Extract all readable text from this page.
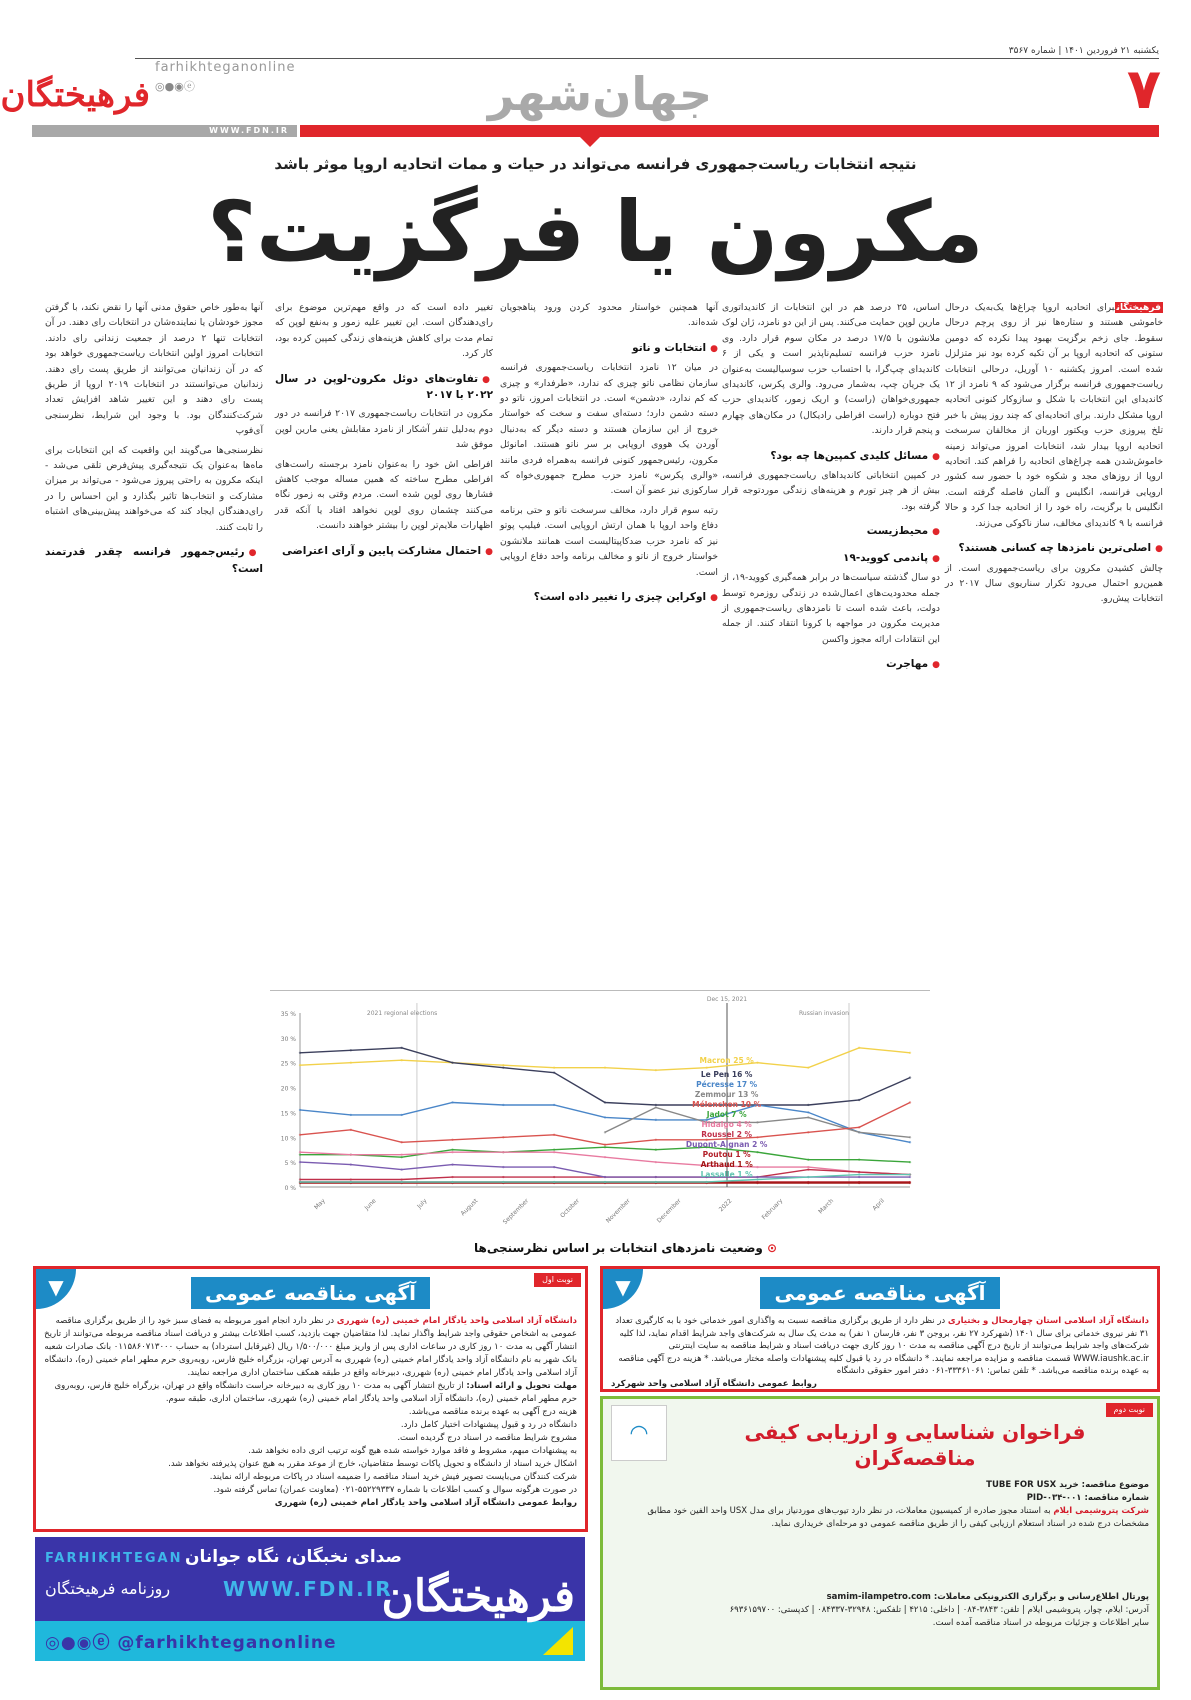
یکشنبه ۲۱ فروردین ۱۴۰۱ | شماره ۳۵۶۷
۷
جهان‌شهر
فرهیختگان
farhikhteganonline
◎●◉ⓔ
WWW.FDN.IR
نتیجه انتخابات ریاست‌جمهوری فرانسه می‌تواند در حیات و ممات اتحادیه اروپا موثر باشد
مکرون یا فرگزیت؟

فرهیختگانبرای اتحادیه اروپا چراغ‌ها یک‌به‌یک درحال خاموشی هستند و ستاره‌ها نیز از روی پرچم درحال سقوط. جای زخم برگزیت بهبود پیدا نکرده که دومین ستونی که اتحادیه اروپا بر آن تکیه کرده بود نیز متزلزل شده است. امروز یکشنبه ۱۰ آوریل، درحالی انتخابات ریاست‌جمهوری فرانسه برگزار می‌شود که ۹ نامزد از ۱۲ کاندیدای این انتخابات با شکل و سازوکار کنونی اتحادیه اروپا مشکل دارند. برای اتحادیه‌ای که چند روز پیش با خبر تلخ پیروزی حزب ویکتور اوربان از مخالفان سرسخت اتحادیه اروپا بیدار شد، انتخابات امروز می‌تواند زمینه خاموش‌شدن همه چراغ‌های اتحادیه را فراهم کند. اتحادیه اروپا از روزهای مجد و شکوه خود با حضور سه کشور اروپایی فرانسه، انگلیس و آلمان فاصله گرفته است. انگلیس با برگزیت، راه خود را از اتحادیه جدا کرد و حالا فرانسه با ۹ کاندیدای مخالف، ساز ناکوکی می‌زند.

● اصلی‌ترین نامزدها چه کسانی هستند؟

چالش کشیدن مکرون برای ریاست‌جمهوری است. از همین‌رو احتمال می‌رود تکرار سناریوی سال ۲۰۱۷ در انتخابات پیش‌رو.

اساس، ۲۵ درصد هم در این انتخابات از کاندیداتوری مارین لوپن حمایت می‌کنند. پس از این دو نامزد، ژان لوک ملانشون با ۱۷/۵ درصد در مکان سوم قرار دارد. وی نامزد حزب فرانسه تسلیم‌ناپذیر است و یکی از ۶ کاندیدای چپ‌گرا، با احتساب حزب سوسیالیست به‌عنوان یک جریان چپ، به‌شمار می‌رود. والری پکرس، کاندیدای جمهوری‌خواهان (راست) و اریک زمور، کاندیدای حزب فتح دوباره (راست افراطی رادیکال) در مکان‌های چهارم و پنجم قرار دارند.

● مسائل کلیدی کمپین‌ها چه بود؟

در کمپین انتخاباتی کاندیداهای ریاست‌جمهوری فرانسه، بیش از هر چیز تورم و هزینه‌های زندگی موردتوجه قرار گرفته بود.

● محیط‌زیست
● پاندمی کووید-۱۹

دو سال گذشته سیاست‌ها در برابر همه‌گیری کووید-۱۹، از جمله محدودیت‌های اعمال‌شده در زندگی روزمره توسط دولت، باعث شده است تا نامزدهای ریاست‌جمهوری از مدیریت مکرون در مواجهه با کرونا انتقاد کنند. از جمله این انتقادات ارائه مجوز واکسن

● مهاجرت

آنها همچنین خواستار محدود کردن ورود پناهجویان شده‌اند.

● انتخابات و ناتو

در میان ۱۲ نامزد انتخابات ریاست‌جمهوری فرانسه سازمان نظامی ناتو چیزی که ندارد، «طرفدار» و چیزی که کم ندارد، «دشمن» است. در انتخابات امروز، ناتو دو دسته دشمن دارد؛ دسته‌ای سفت و سخت که خواستار خروج از این سازمان هستند و دسته دیگر که به‌دنبال آوردن یک هووی اروپایی بر سر ناتو هستند. امانوئل مکرون، رئیس‌جمهور کنونی فرانسه به‌همراه فردی مانند «والری پکرس» نامزد حزب مطرح جمهوری‌خواه که سارکوزی نیز عضو آن است.

رتبه سوم قرار دارد، مخالف سرسخت ناتو و حتی برنامه دفاع واحد اروپا با همان ارتش اروپایی است. فیلیپ پوتو نیز که نامزد حزب ضدکاپیتالیست است همانند ملانشون خواستار خروج از ناتو و مخالف برنامه واحد دفاع اروپایی است.

● اوکراین چیزی را تغییر داده است؟

تغییر داده است که در واقع مهم‌ترین موضوع برای رای‌دهندگان است. این تغییر علیه زمور و به‌نفع لوپن که تمام مدت برای کاهش هزینه‌های زندگی کمپین کرده بود، کار کرد.

● تفاوت‌های دوئل مکرون-لوپن در سال ۲۰۲۲ با ۲۰۱۷

مکرون در انتخابات ریاست‌جمهوری ۲۰۱۷ فرانسه در دور دوم به‌دلیل تنفر آشکار از نامزد مقابلش یعنی مارین لوپن موفق شد

افراطی اش خود را به‌عنوان نامزد برجسته راست‌های افراطی مطرح ساخته که همین مساله موجب کاهش فشارها روی لوپن شده است. مردم وقتی به زمور نگاه می‌کنند چشمان روی لوپن نخواهد افتاد یا آنکه قدر اظهارات ملایم‌تر لوپن را بیشتر خواهند دانست.

● احتمال مشارکت پایین و آرای اعتراضی

آنها به‌طور خاص حقوق مدنی آنها را نقض نکند، با گرفتن مجوز خودشان یا نماینده‌شان در انتخابات رای دهند. در آن انتخابات تنها ۲ درصد از جمعیت زندانی رای دادند. انتخابات امروز اولین انتخابات ریاست‌جمهوری خواهد بود که در آن زندانیان می‌توانند از طریق پست رای دهند. زندانیان می‌توانستند در انتخابات ۲۰۱۹ اروپا از طریق پست رای دهند و این تغییر شاهد افزایش تعداد شرکت‌کنندگان بود. با وجود این شرایط، نظرسنجی آی‌فوپ

نظرسنجی‌ها می‌گویند این واقعیت که این انتخابات برای ماه‌ها به‌عنوان یک نتیجه‌گیری پیش‌فرض تلقی می‌شد - اینکه مکرون به راحتی پیروز می‌شود - می‌تواند بر میزان مشارکت و انتخاب‌ها تاثیر بگذارد و این احساس را در رای‌دهندگان ایجاد کند که می‌خواهند پیش‌بینی‌های اشتباه را ثابت کنند.

● رئیس‌جمهور فرانسه چقدر قدرتمند است؟
0 %
5 %
10 %
15 %
20 %
25 %
30 %
35 %
May	June	July	August	September	October	November	December	2022	February	March	April
2021 regional elections
Dec 15, 2021
Russian invasion
Macron 25 %
Le Pen 16 %
Pécresse 17 %
Zemmour 13 %
Mélenchon 10 %
Jadot 7 %
Hidalgo 4 %
Roussel 2 %
Dupont-Aignan 2 %
Poutou 1 %
Arthaud 1 %
Lassalle 1 %
⊙ وضعیت نامزدهای انتخابات بر اساس نظرسنجی‌ها
▼	نوبت اول
آگهی مناقصه عمومی
دانشگاه آزاد اسلامی واحد یادگار امام خمینی (ره) شهرری در نظر دارد انجام امور مربوطه به فضای سبز خود را از طریق برگزاری مناقصه عمومی به اشخاص حقوقی واجد شرایط واگذار نماید. لذا متقاضیان جهت بازدید، کسب اطلاعات بیشتر و دریافت اسناد مناقصه مربوطه می‌توانند از تاریخ انتشار آگهی به مدت ۱۰ روز کاری در ساعات اداری پس از واریز مبلغ ۱/۵۰۰/۰۰۰ ریال (غیرقابل استرداد) به حساب ۰۱۱۵۸۶۰۷۱۳۰۰۰ بانک صادرات شعبه بانک شهر به نام دانشگاه آزاد واحد یادگار امام خمینی (ره) شهرری به آدرس تهران، بزرگراه خلیج فارس، روبه‌روی حرم مطهر امام خمینی (ره)، دانشگاه آزاد اسلامی واحد یادگار امام خمینی (ره) شهرری، دبیرخانه واقع در طبقه همکف ساختمان اداری مراجعه نمایند.
مهلت تحویل و ارائه اسناد: از تاریخ انتشار آگهی به مدت ۱۰ روز کاری به دبیرخانه حراست دانشگاه واقع در تهران، بزرگراه خلیج فارس، روبه‌روی حرم مطهر امام خمینی (ره)، دانشگاه آزاد اسلامی واحد یادگار امام خمینی (ره) شهرری، ساختمان اداری، طبقه سوم.
هزینه درج آگهی به عهده برنده مناقصه می‌باشد.
دانشگاه در رد و قبول پیشنهادات اختیار کامل دارد.
مشروح شرایط مناقصه در اسناد درج گردیده است.
به پیشنهادات مبهم، مشروط و فاقد موارد خواسته شده هیچ گونه ترتیب اثری داده نخواهد شد.
اشکال خرید اسناد از دانشگاه و تحویل پاکات توسط متقاضیان، خارج از موعد مقرر به هیچ عنوان پذیرفته نخواهد شد.
شرکت کنندگان می‌بایست تصویر فیش خرید اسناد مناقصه را ضمیمه اسناد در پاکات مربوطه ارائه نمایند.
در صورت هرگونه سوال و کسب اطلاعات با شماره ۵۵۲۲۹۳۳۷-۰۲۱ (معاونت عمران) تماس گرفته شود.
روابط عمومی دانشگاه آزاد اسلامی واحد یادگار امام خمینی (ره) شهرری
▼	آگهی مناقصه عمومی
دانشگاه آزاد اسلامی استان چهارمحال و بختیاری در نظر دارد از طریق برگزاری مناقصه نسبت به واگذاری امور خدماتی خود با به کارگیری تعداد ۳۱ نفر نیروی خدماتی برای سال ۱۴۰۱ (شهرکرد ۲۷ نفر، بروجن ۳ نفر، فارسان ۱ نفر) به مدت یک سال به شرکت‌های واجد شرایط اقدام نماید، لذا کلیه شرکت‌های واجد شرایط می‌توانند از تاریخ درج آگهی مناقصه به مدت ۱۰ روز کاری جهت دریافت اسناد و شرایط مناقصه به سایت اینترنتی WWW.iaushk.ac.ir قسمت مناقصه و مزایده مراجعه نمایند. * دانشگاه در رد یا قبول کلیه پیشنهادات واصله مختار می‌باشد. * هزینه درج آگهی مناقصه به عهده برنده مناقصه می‌باشد. * تلفن تماس: ۳۳۳۶۱۰۶۱-۰۶۱ دفتر امور حقوقی دانشگاه
روابط عمومی دانشگاه آزاد اسلامی واحد شهرکرد
نوبت دوم
◠	فراخوان شناسایی و ارزیابی کیفی مناقصه‌گران
موضوع مناقصه: خرید TUBE FOR USX
شماره مناقصه: PID-۰۳۴-۰۰۱
شرکت پتروشیمی ایلام به استناد مجوز صادره از کمیسیون معاملات، در نظر دارد تیوب‌های موردنیاز برای مدل USX واحد الفین خود مطابق مشخصات درج شده در اسناد استعلام ارزیابی کیفی را از طریق مناقصه عمومی دو مرحله‌ای خریداری نماید.
پورتال اطلاع‌رسانی و برگزاری الکترونیکی معاملات: samim-ilampetro.com
آدرس: ایلام، چوار، پتروشیمی ایلام | تلفن: ۳۸۴۳-۰۸۴ | داخلی: ۴۲۱۵ | تلفکس: ۳۲۹۴۸-۰۸۴۳۳۷ | کدپستی: ۶۹۳۶۱۵۹۷۰۰
سایر اطلاعات و جزئیات مربوطه در اسناد مناقصه آمده است.
فرهیختگان
FARHIKHTEGAN صدای نخبگان، نگاه جوانان
روزنامه فرهیختگان	WWW.FDN.IR
◎●◉ⓔ @farhikhteganonline
